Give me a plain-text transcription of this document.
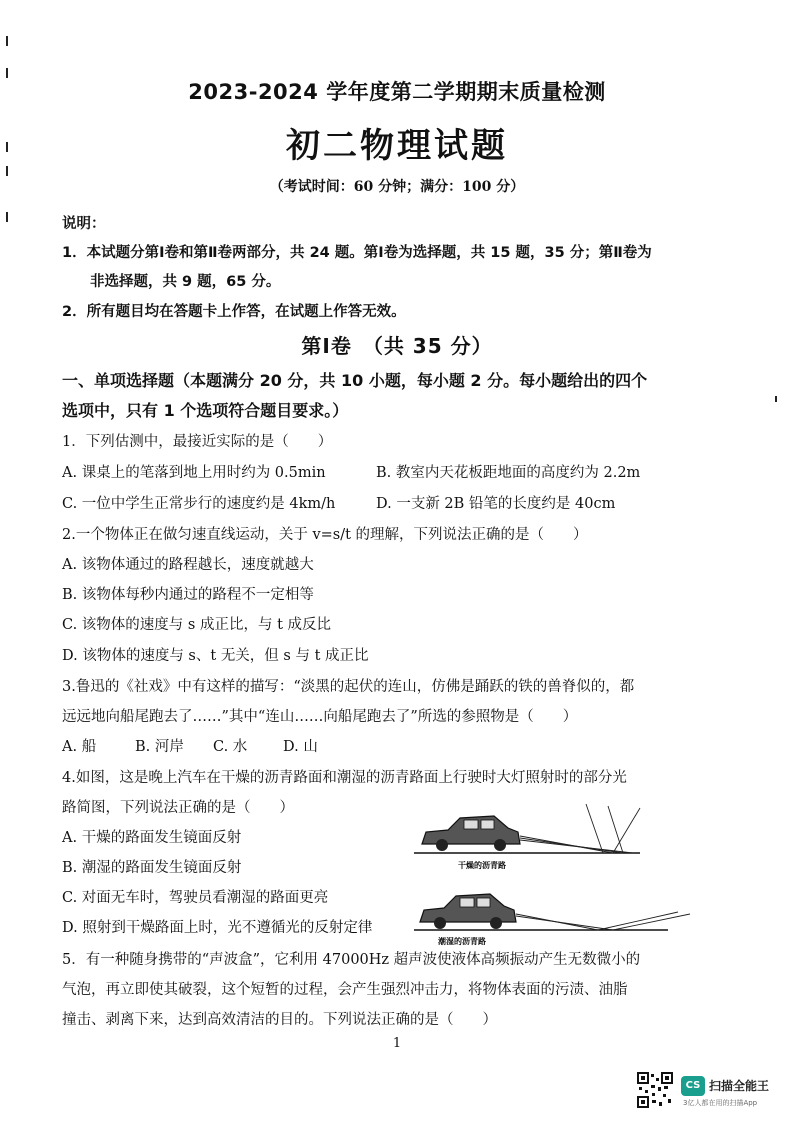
2023-2024 学年度第二学期期末质量检测
初二物理试题
（考试时间：60 分钟；满分：100 分）
说明：
1．本试题分第Ⅰ卷和第Ⅱ卷两部分，共 24 题。第Ⅰ卷为选择题，共 15 题，35 分；第Ⅱ卷为
非选择题，共 9 题，65 分。
2．所有题目均在答题卡上作答，在试题上作答无效。
第Ⅰ卷　（共 35 分）
一、单项选择题（本题满分 20 分，共 10 小题，每小题 2 分。每小题给出的四个
选项中，只有 1 个选项符合题目要求。）
1．下列估测中，最接近实际的是（　　）
A. 课桌上的笔落到地上用时约为 0.5min	B. 教室内天花板距地面的高度约为 2.2m
C. 一位中学生正常步行的速度约是 4km/h	D. 一支新 2B 铅笔的长度约是 40cm
2.一个物体正在做匀速直线运动，关于 v=s/t 的理解，下列说法正确的是（　　）
A. 该物体通过的路程越长，速度就越大
B. 该物体每秒内通过的路程不一定相等
C. 该物体的速度与 s 成正比，与 t 成反比
D. 该物体的速度与 s、t 无关，但 s 与 t 成正比
3.鲁迅的《社戏》中有这样的描写：“淡黑的起伏的连山，仿佛是踊跃的铁的兽脊似的，都
远远地向船尾跑去了……”其中“连山……向船尾跑去了”所选的参照物是（　　）
A. 船	B. 河岸 C. 水 D. 山
4.如图，这是晚上汽车在干燥的沥青路面和潮湿的沥青路面上行驶时大灯照射时的部分光
路简图，下列说法正确的是（　　）
A. 干燥的路面发生镜面反射
B. 潮湿的路面发生镜面反射
C. 对面无车时，驾驶员看潮湿的路面更亮
D. 照射到干燥路面上时，光不遵循光的反射定律
干燥的沥青路
潮湿的沥青路
5．有一种随身携带的“声波盒”，它利用 47000Hz 超声波使液体高频振动产生无数微小的
气泡，再立即使其破裂，这个短暂的过程，会产生强烈冲击力，将物体表面的污渍、油脂
撞击、剥离下来，达到高效清洁的目的。下列说法正确的是（　　）
1
CS 扫描全能王
3亿人都在用的扫描App
